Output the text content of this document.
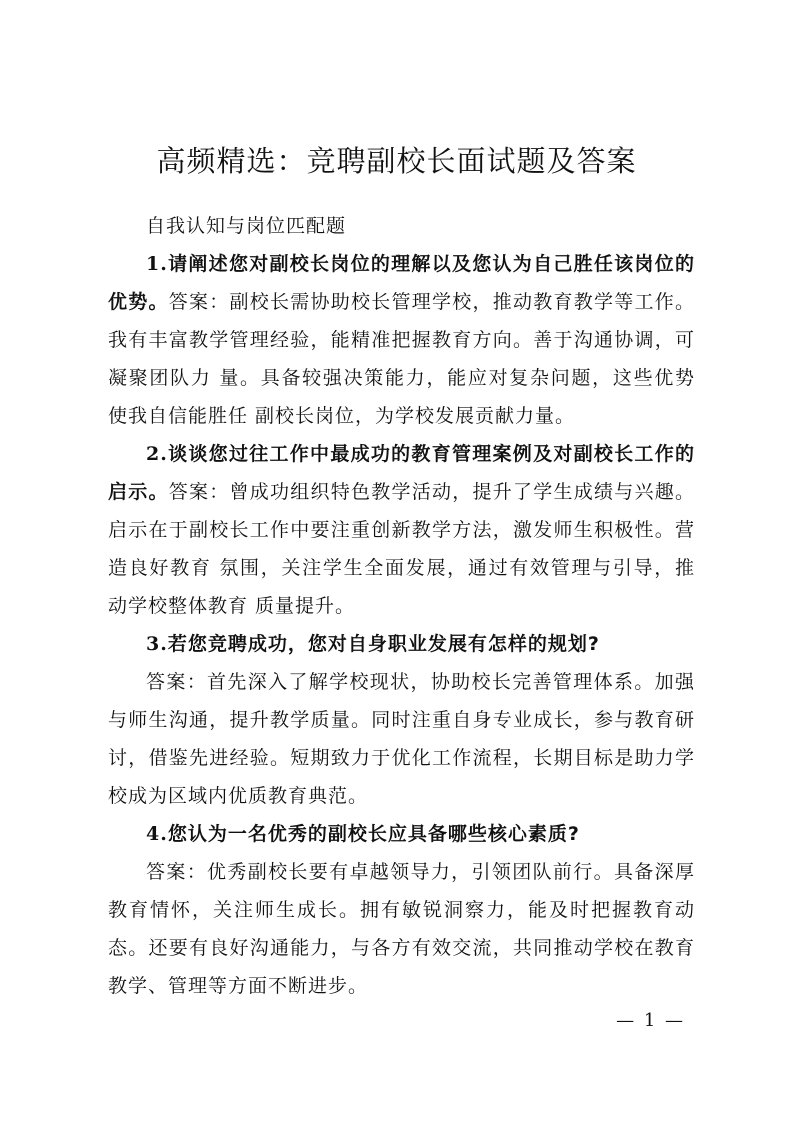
高频精选：竞聘副校长面试题及答案

自我认知与岗位匹配题

1.请阐述您对副校长岗位的理解以及您认为自己胜任该岗位的优势。答案：副校长需协助校长管理学校，推动教育教学等工作。我有丰富教学管理经验，能精准把握教育方向。善于沟通协调，可凝聚团队力 量。具备较强决策能力，能应对复杂问题，这些优势使我自信能胜任 副校长岗位，为学校发展贡献力量。

2.谈谈您过往工作中最成功的教育管理案例及对副校长工作的启示。答案：曾成功组织特色教学活动，提升了学生成绩与兴趣。启示在于副校长工作中要注重创新教学方法，激发师生积极性。营造良好教育 氛围，关注学生全面发展，通过有效管理与引导，推动学校整体教育 质量提升。

3.若您竞聘成功，您对自身职业发展有怎样的规划?

答案：首先深入了解学校现状，协助校长完善管理体系。加强与师生沟通，提升教学质量。同时注重自身专业成长，参与教育研讨，借鉴先进经验。短期致力于优化工作流程，长期目标是助力学校成为区域内优质教育典范。

4.您认为一名优秀的副校长应具备哪些核心素质?

答案：优秀副校长要有卓越领导力，引领团队前行。具备深厚教育情怀，关注师生成长。拥有敏锐洞察力，能及时把握教育动态。还要有良好沟通能力，与各方有效交流，共同推动学校在教育教学、管理等方面不断进步。

— 1 —
